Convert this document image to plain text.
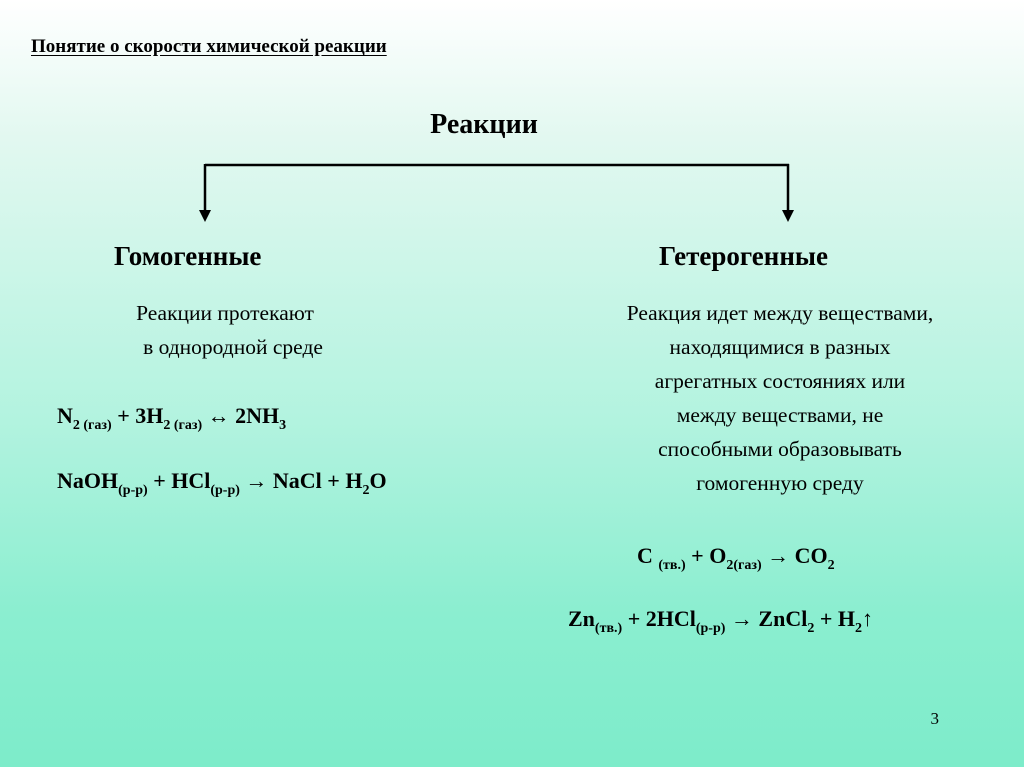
Понятие о скорости химической реакции
Реакции
Гомогенные
Реакции протекают
в однородной среде
$N_{2 (газ)} + 3H_{2 (газ)}$ ↔ $2NH_3$
NaOH$_{(р-р)}$ + HCl$_{(р-р)}$ → NaCl + $H_2O$
Гетерогенные
Реакция идет между веществами,
находящимися в разных
агрегатных состояниях или
между веществами, не
способными образовывать
гомогенную среду
C $_{(тв.)} + O_{2(газ)} \to CO_2$
$Zn_{(тв.)} + 2HCl_{(р-р)}$ → ZnCl$_2$ + $H_2↑$
3
